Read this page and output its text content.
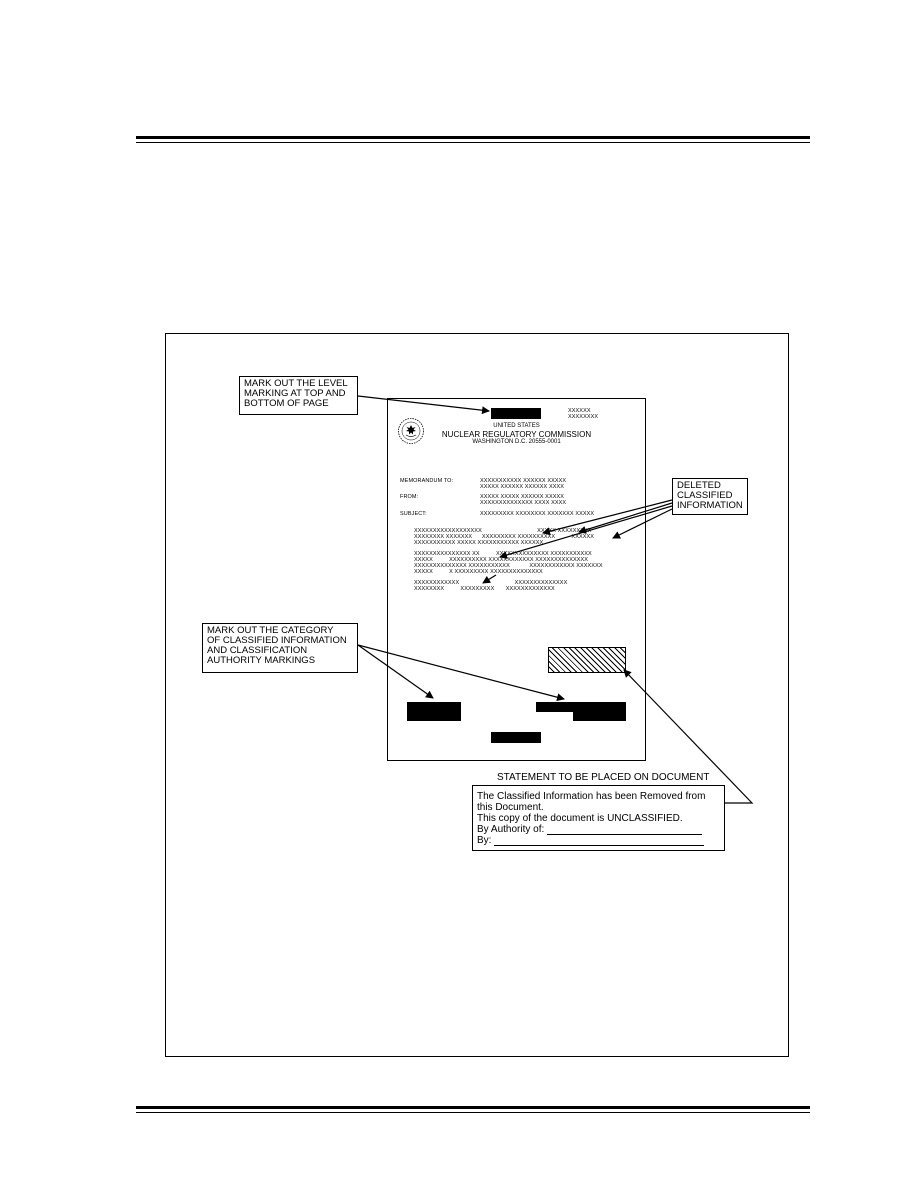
XXXXXX
XXXXXXXX
UNITED STATES
NUCLEAR REGULATORY COMMISSION
WASHINGTON D.C. 20555-0001
MEMORANDUM TO:	XXXXXXXXXXX XXXXXX XXXXX
XXXXX XXXXXX XXXXXX XXXX
FROM:	XXXXX XXXXX XXXXXX XXXXX
XXXXXXXXXXXXXX XXXX XXXX
SUBJECT:	XXXXXXXXX XXXXXXXX XXXXXXX XXXXX
XXXXXXXXXXXXXXXXXX                                  XXXXX XXXXXXXXX
XXXXXXXX XXXXXXX      XXXXXXXXX XXXXXXXXXX          XXXXXX
XXXXXXXXXXX XXXXX XXXXXXXXXXX XXXXXX
XXXXXXXXXXXXXXX XX          XXXXXXXXXXXXXX XXXXXXXXXXX
XXXXX          XXXXXXXXXX XXXXXXXXXXXX XXXXXXXXXXXXXX
XXXXXXXXXXXXXX XXXXXXXXXXX            XXXXXXXXXXXX XXXXXXX
XXXXX          X XXXXXXXXX XXXXXXXXXXXXXX
XXXXXXXXXXXX                                  XXXXXXXXXXXXXX
XXXXXXXX          XXXXXXXXX       XXXXXXXXXXXXX
MARK OUT THE LEVEL
MARKING AT TOP AND
BOTTOM OF PAGE
DELETED
CLASSIFIED
INFORMATION
MARK OUT THE CATEGORY
OF CLASSIFIED INFORMATION
AND CLASSIFICATION
AUTHORITY MARKINGS
STATEMENT TO BE PLACED ON DOCUMENT
The Classified Information has been Removed from
this Document.
This copy of the document is UNCLASSIFIED.
By Authority of:
By:
